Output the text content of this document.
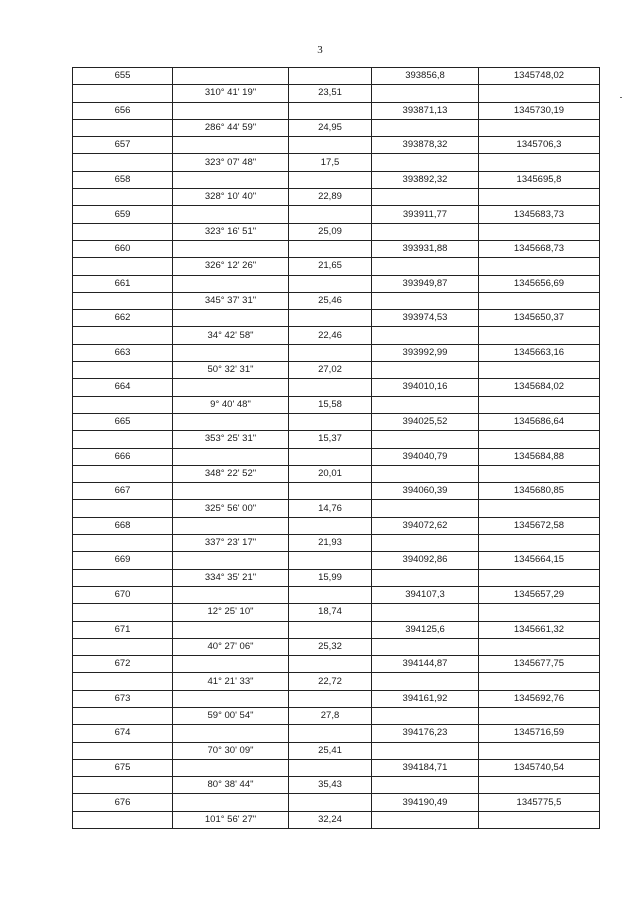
3
655			393856,8	1345748,02
	310° 41' 19"	23,51		
656			393871,13	1345730,19
	286° 44' 59"	24,95		
657			393878,32	1345706,3
	323° 07' 48"	17,5		
658			393892,32	1345695,8
	328° 10' 40"	22,89		
659			393911,77	1345683,73
	323° 16' 51"	25,09		
660			393931,88	1345668,73
	326° 12' 26"	21,65		
661			393949,87	1345656,69
	345° 37' 31"	25,46		
662			393974,53	1345650,37
	34° 42' 58"	22,46		
663			393992,99	1345663,16
	50° 32' 31"	27,02		
664			394010,16	1345684,02
	9° 40' 48"	15,58		
665			394025,52	1345686,64
	353° 25' 31"	15,37		
666			394040,79	1345684,88
	348° 22' 52"	20,01		
667			394060,39	1345680,85
	325° 56' 00"	14,76		
668			394072,62	1345672,58
	337° 23' 17"	21,93		
669			394092,86	1345664,15
	334° 35' 21"	15,99		
670			394107,3	1345657,29
	12° 25' 10"	18,74		
671			394125,6	1345661,32
	40° 27' 06"	25,32		
672			394144,87	1345677,75
	41° 21' 33"	22,72		
673			394161,92	1345692,76
	59° 00' 54"	27,8		
674			394176,23	1345716,59
	70° 30' 09"	25,41		
675			394184,71	1345740,54
	80° 38' 44"	35,43		
676			394190,49	1345775,5
	101° 56' 27"	32,24		
